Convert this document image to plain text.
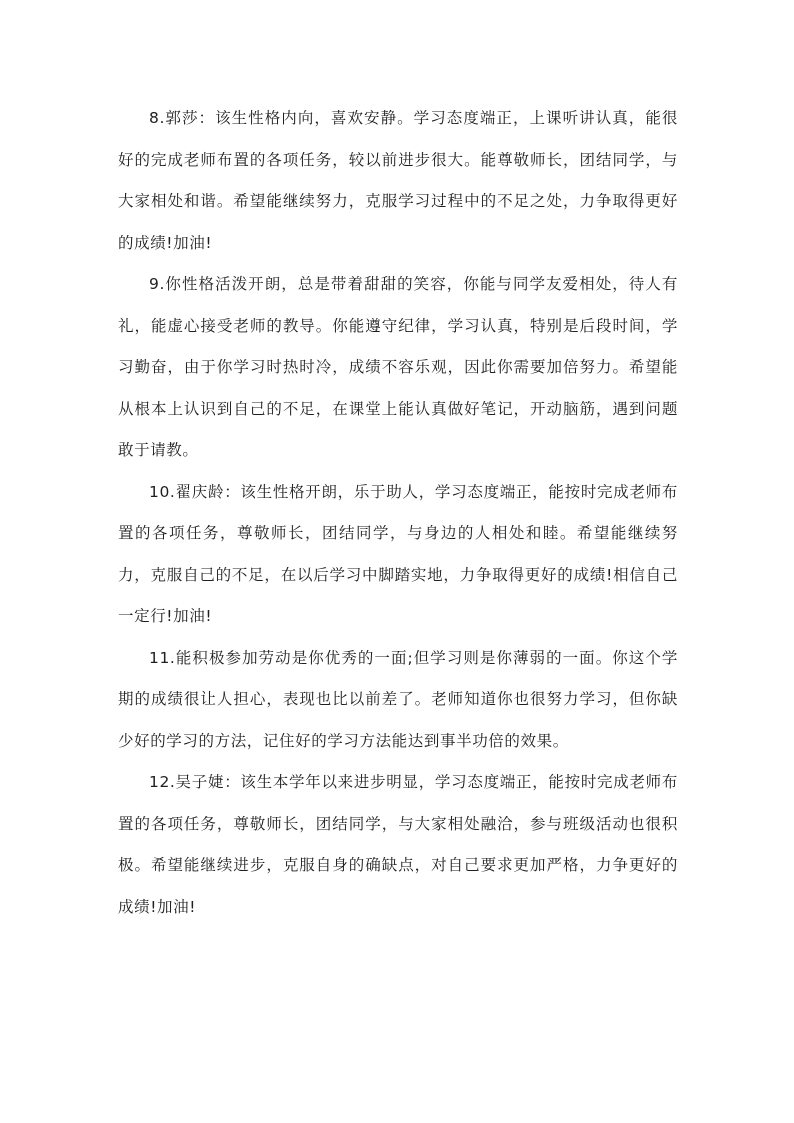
8.郭莎：该生性格内向，喜欢安静。学习态度端正，上课听讲认真，能很好的完成老师布置的各项任务，较以前进步很大。能尊敬师长，团结同学，与大家相处和谐。希望能继续努力，克服学习过程中的不足之处，力争取得更好的成绩!加油!

9.你性格活泼开朗，总是带着甜甜的笑容，你能与同学友爱相处，待人有礼，能虚心接受老师的教导。你能遵守纪律，学习认真，特别是后段时间，学习勤奋，由于你学习时热时冷，成绩不容乐观，因此你需要加倍努力。希望能从根本上认识到自己的不足，在课堂上能认真做好笔记，开动脑筋，遇到问题敢于请教。

10.翟庆龄：该生性格开朗，乐于助人，学习态度端正，能按时完成老师布置的各项任务，尊敬师长，团结同学，与身边的人相处和睦。希望能继续努力，克服自己的不足，在以后学习中脚踏实地，力争取得更好的成绩!相信自己一定行!加油!

11.能积极参加劳动是你优秀的一面;但学习则是你薄弱的一面。你这个学期的成绩很让人担心，表现也比以前差了。老师知道你也很努力学习，但你缺少好的学习的方法，记住好的学习方法能达到事半功倍的效果。

12.吴子婕：该生本学年以来进步明显，学习态度端正，能按时完成老师布置的各项任务，尊敬师长，团结同学，与大家相处融洽，参与班级活动也很积极。希望能继续进步，克服自身的确缺点，对自己要求更加严格，力争更好的成绩!加油!
